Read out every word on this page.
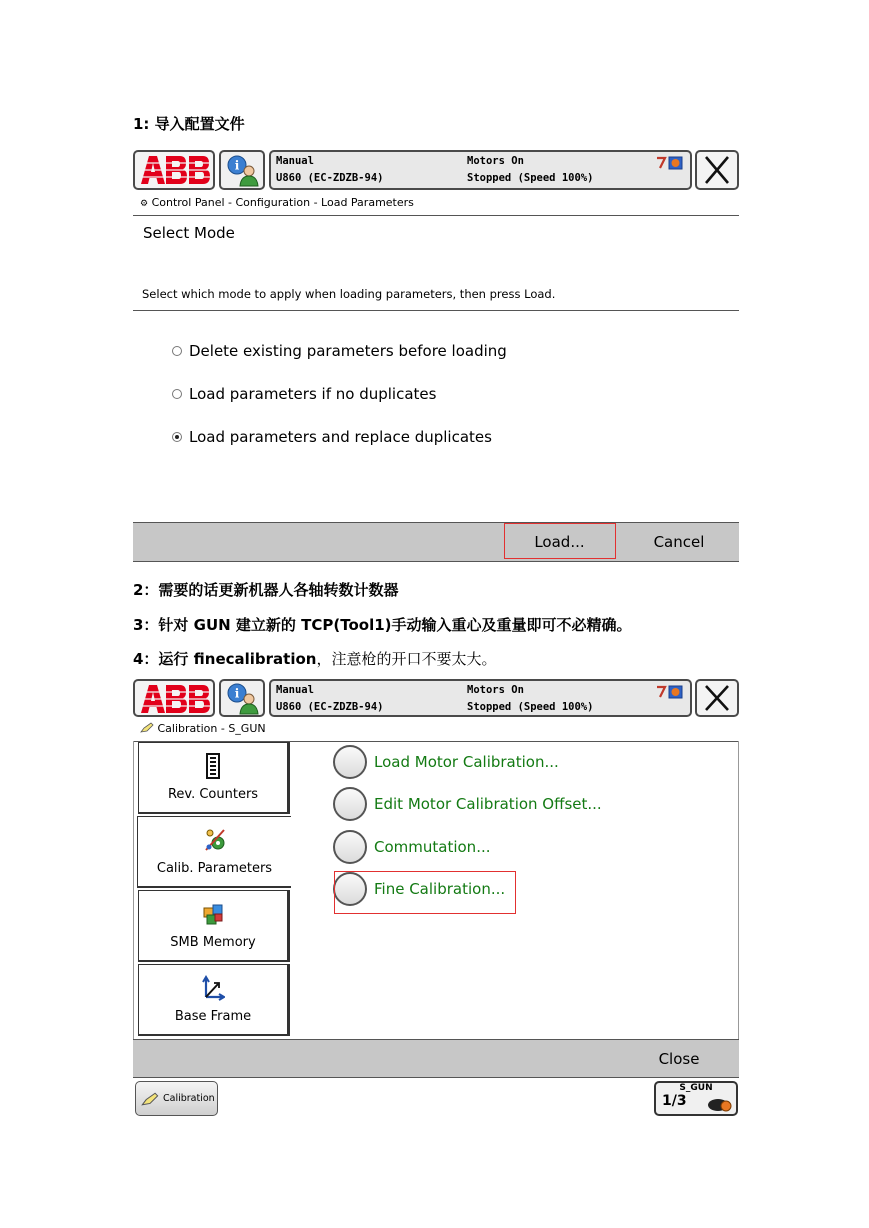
1: 导入配置文件
i	Manual
U860 (EC-ZDZB-94)
Motors On
Stopped (Speed 100%)
⚙ Control Panel - Configuration - Load Parameters
Select Mode
Select which mode to apply when loading parameters, then press Load.
Delete existing parameters before loading
Load parameters if no duplicates
Load parameters and replace duplicates
Load...	Cancel
2：需要的话更新机器人各轴转数计数器
3：针对 GUN 建立新的 TCP(Tool1)手动输入重心及重量即可不必精确。
4：运行 finecalibration，注意枪的开口不要太大。
i	Manual
U860 (EC-ZDZB-94)
Motors On
Stopped (Speed 100%)
Calibration - S_GUN
Rev. Counters
Calib. Parameters
SMB Memory
Base Frame
Load Motor Calibration...
Edit Motor Calibration Offset...
Commutation...
Fine Calibration...
Close
Calibration
S_GUN
1/3
